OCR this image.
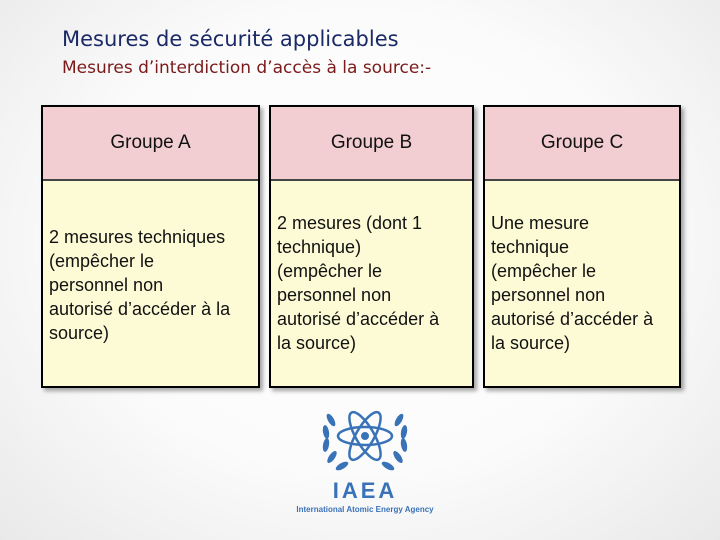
Mesures de sécurité applicables
Mesures d’interdiction d’accès à la source:-
Groupe A
2 mesures techniques
(empêcher le
personnel non
autorisé d’accéder à la
source)
Groupe B
2 mesures (dont 1
technique)
(empêcher le
personnel non
autorisé d’accéder à
la source)
Groupe C
Une mesure
technique
(empêcher le
personnel non
autorisé d’accéder à
la source)
IAEA
International Atomic Energy Agency
